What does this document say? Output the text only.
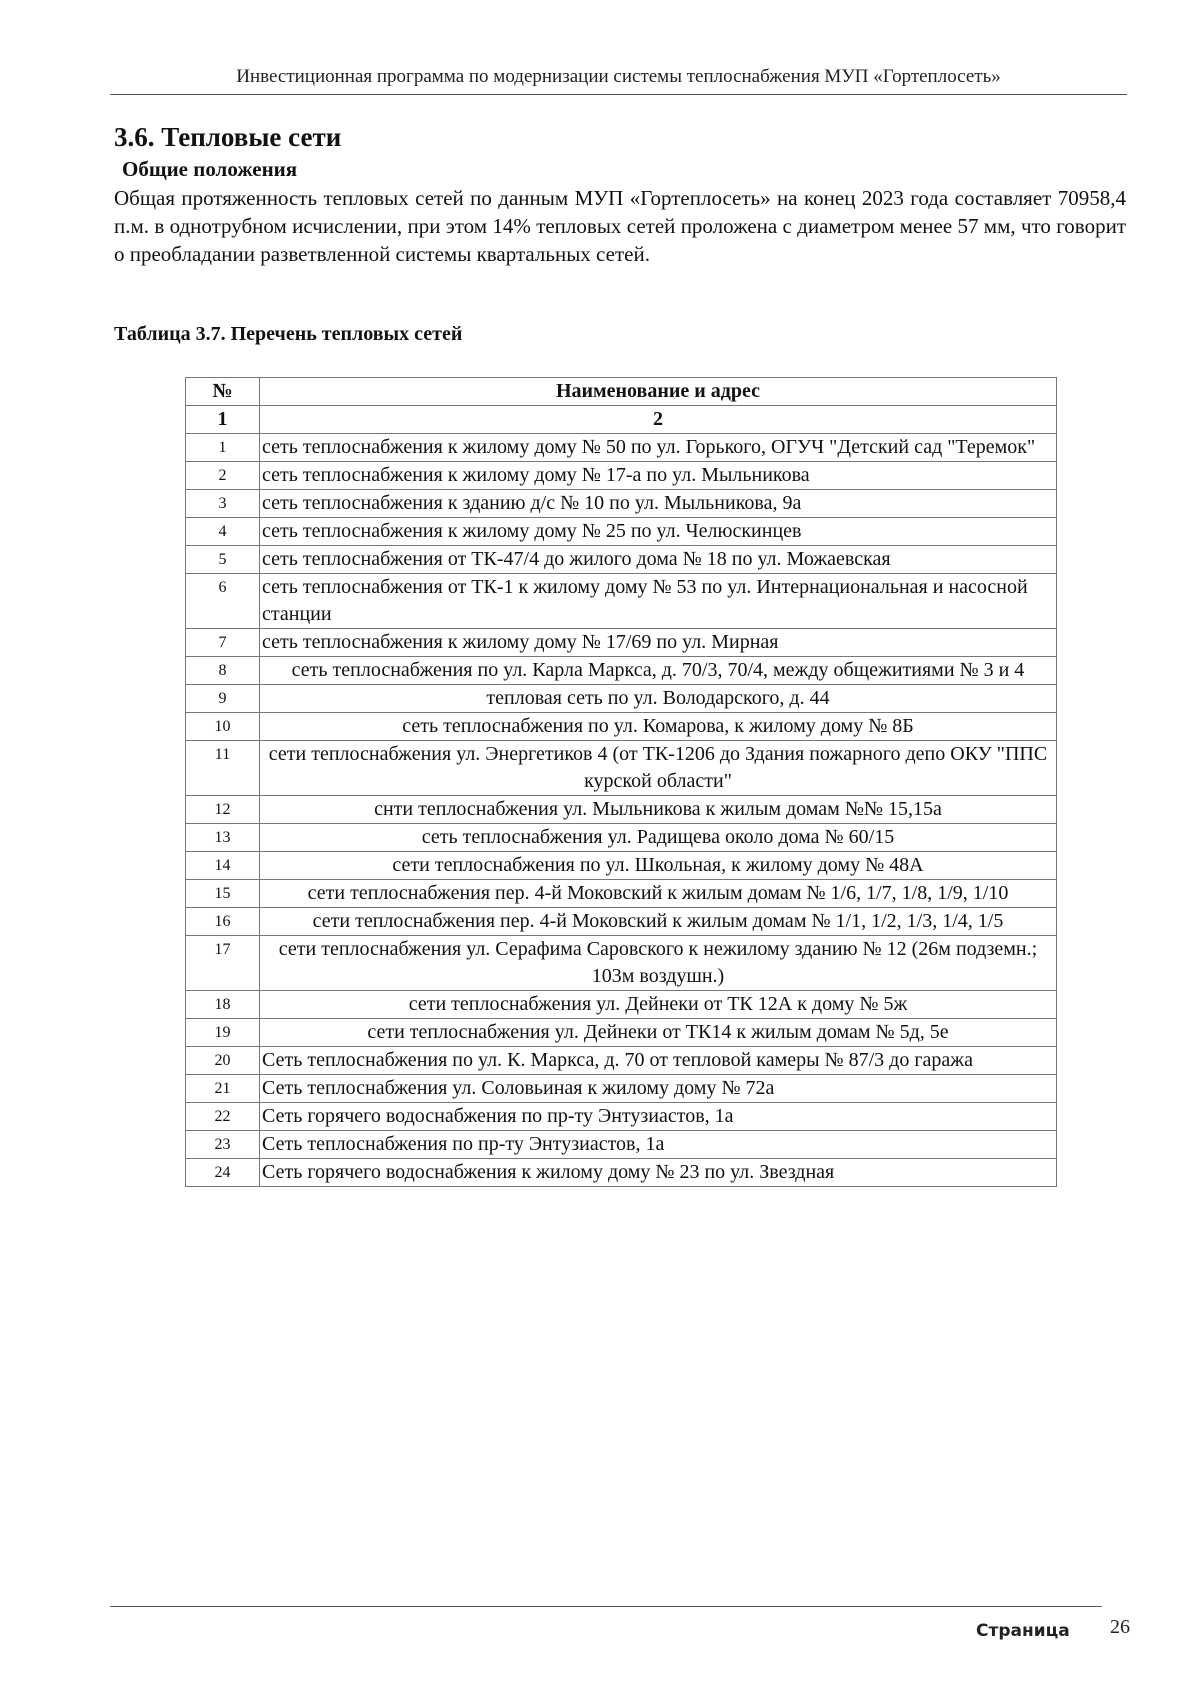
Инвестиционная программа по модернизации системы теплоснабжения МУП «Гортеплосеть»
3.6. Тепловые сети
Общие положения

Общая протяженность тепловых сетей по данным МУП «Гортеплосеть» на конец 2023 года составляет 70958,4 п.м. в однотрубном исчислении, при этом 14% тепловых сетей проложена с диаметром менее 57 мм, что говорит о преобладании разветвленной системы квартальных сетей.

Таблица 3.7. Перечень тепловых сетей

№	Наименование и адрес
1	2
1	сеть теплоснабжения к жилому дому № 50 по ул. Горького, ОГУЧ "Детский сад "Теремок"
2	сеть теплоснабжения к жилому дому № 17-а по ул. Мыльникова
3	сеть теплоснабжения к зданию д/с № 10 по ул. Мыльникова, 9а
4	сеть теплоснабжения к жилому дому № 25 по ул. Челюскинцев
5	сеть теплоснабжения от ТК-47/4 до жилого дома № 18 по ул. Можаевская
6	сеть теплоснабжения от ТК-1 к жилому дому № 53 по ул. Интернациональная и насосной станции
7	сеть теплоснабжения к жилому дому № 17/69 по ул. Мирная
8	сеть теплоснабжения по ул. Карла Маркса, д. 70/3, 70/4, между общежитиями № 3 и 4
9	тепловая сеть по ул. Володарского, д. 44
10	сеть теплоснабжения по ул. Комарова, к жилому дому № 8Б
11	сети теплоснабжения ул. Энергетиков 4 (от ТК-1206 до Здания пожарного депо ОКУ "ППС курской области"
12	снти теплоснабжения ул. Мыльникова к жилым домам №№ 15,15а
13	сеть теплоснабжения ул. Радищева около дома № 60/15
14	сети теплоснабжения по ул. Школьная, к жилому дому № 48А
15	сети теплоснабжения пер. 4-й Моковский к жилым домам № 1/6, 1/7, 1/8, 1/9, 1/10
16	сети теплоснабжения пер. 4-й Моковский к жилым домам № 1/1, 1/2, 1/3, 1/4, 1/5
17	сети теплоснабжения ул. Серафима Саровского к нежилому зданию № 12 (26м подземн.; 103м воздушн.)
18	сети теплоснабжения ул. Дейнеки от ТК 12А к дому № 5ж
19	сети теплоснабжения ул. Дейнеки от ТК14 к жилым домам № 5д, 5е
20	Сеть теплоснабжения по ул. К. Маркса, д. 70 от тепловой камеры № 87/3 до гаража
21	Сеть теплоснабжения ул. Соловьиная к жилому дому № 72а
22	Сеть горячего водоснабжения по пр-ту Энтузиастов, 1а
23	Сеть теплоснабжения по пр-ту Энтузиастов, 1а
24	Сеть горячего водоснабжения к жилому дому № 23 по ул. Звездная
Страница 26
